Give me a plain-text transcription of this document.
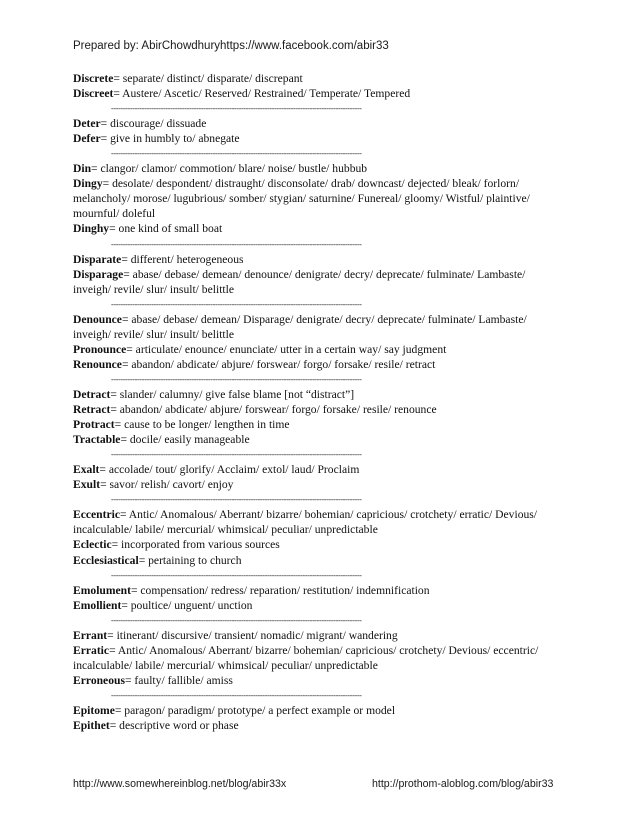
Prepared by: AbirChowdhuryhttps://www.facebook.com/abir33

Discrete= separate/ distinct/ disparate/ discrepant

Discreet= Austere/ Ascetic/ Reserved/ Restrained/ Temperate/ Tempered

----------------------------------------------------------------------------------------------------------

Deter= discourage/ dissuade

Defer= give in humbly to/ abnegate

----------------------------------------------------------------------------------------------------------

Din= clangor/ clamor/ commotion/ blare/ noise/ bustle/ hubbub

Dingy= desolate/ despondent/ distraught/ disconsolate/ drab/ downcast/ dejected/ bleak/ forlorn/ melancholy/ morose/ lugubrious/ somber/ stygian/ saturnine/ Funereal/ gloomy/ Wistful/ plaintive/ mournful/ doleful

Dinghy= one kind of small boat

----------------------------------------------------------------------------------------------------------

Disparate= different/ heterogeneous

Disparage= abase/ debase/ demean/ denounce/ denigrate/ decry/ deprecate/ fulminate/ Lambaste/ inveigh/ revile/ slur/ insult/ belittle

----------------------------------------------------------------------------------------------------------

Denounce= abase/ debase/ demean/ Disparage/ denigrate/ decry/ deprecate/ fulminate/ Lambaste/ inveigh/ revile/ slur/ insult/ belittle

Pronounce= articulate/ enounce/ enunciate/ utter in a certain way/ say judgment

Renounce= abandon/ abdicate/ abjure/ forswear/ forgo/ forsake/ resile/ retract

----------------------------------------------------------------------------------------------------------

Detract= slander/ calumny/ give false blame [not “distract”]

Retract= abandon/ abdicate/ abjure/ forswear/ forgo/ forsake/ resile/ renounce

Protract= cause to be longer/ lengthen in time

Tractable= docile/ easily manageable

----------------------------------------------------------------------------------------------------------

Exalt= accolade/ tout/ glorify/ Acclaim/ extol/ laud/ Proclaim

Exult= savor/ relish/ cavort/ enjoy

----------------------------------------------------------------------------------------------------------

Eccentric= Antic/ Anomalous/ Aberrant/ bizarre/ bohemian/ capricious/ crotchety/ erratic/ Devious/ incalculable/ labile/ mercurial/ whimsical/ peculiar/ unpredictable

Eclectic= incorporated from various sources

Ecclesiastical= pertaining to church

----------------------------------------------------------------------------------------------------------

Emolument= compensation/ redress/ reparation/ restitution/ indemnification

Emollient= poultice/ unguent/ unction

----------------------------------------------------------------------------------------------------------

Errant= itinerant/ discursive/ transient/ nomadic/ migrant/ wandering

Erratic= Antic/ Anomalous/ Aberrant/ bizarre/ bohemian/ capricious/ crotchety/ Devious/ eccentric/ incalculable/ labile/ mercurial/ whimsical/ peculiar/ unpredictable

Erroneous= faulty/ fallible/ amiss

----------------------------------------------------------------------------------------------------------

Epitome= paragon/ paradigm/ prototype/ a perfect example or model

Epithet= descriptive word or phase

http://www.somewhereinblog.net/blog/abir33x	http://prothom-aloblog.com/blog/abir33
